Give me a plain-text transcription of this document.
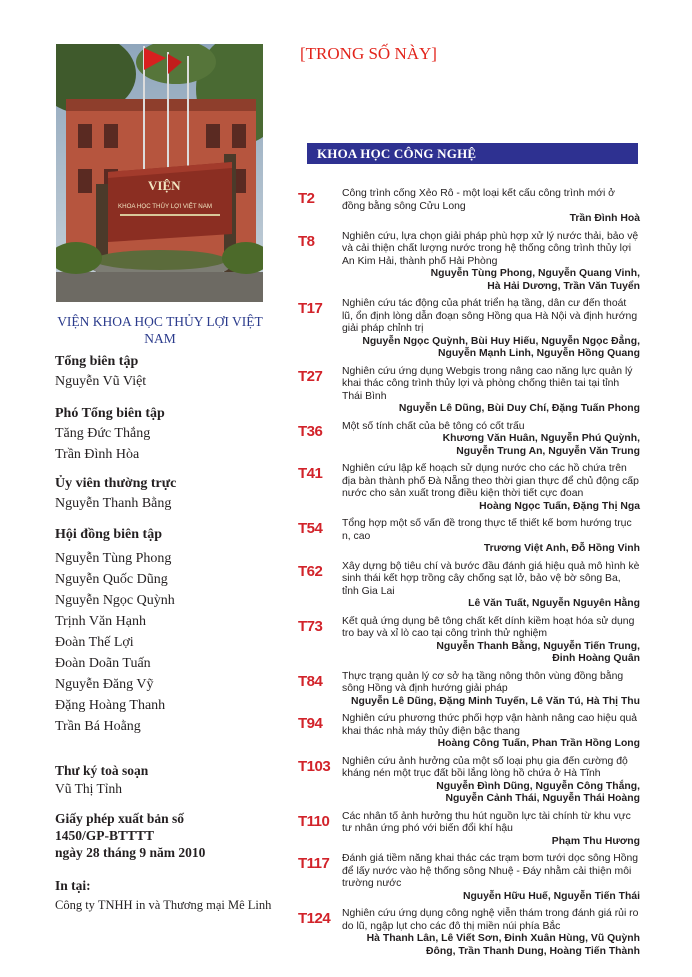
VIỆN
KHOA HỌC THỦY LỢI VIỆT NAM
VIỆN KHOA HỌC THỦY LỢI VIỆT NAM
Tổng biên tập
Nguyễn Vũ Việt
Phó Tổng biên tập
Tăng Đức Thắng
Trần Đình Hòa
Ủy viên thường trực
Nguyễn Thanh Bằng
Hội đồng biên tập
Nguyễn Tùng Phong
Nguyễn Quốc Dũng
Nguyễn Ngọc Quỳnh
Trịnh Văn Hạnh
Đoàn Thế Lợi
Đoàn Doãn Tuấn
Nguyễn Đăng Vỹ
Đặng Hoàng Thanh
Trần Bá Hoằng
Thư ký toà soạn
Vũ Thị Tỉnh
Giấy phép xuất bản số
1450/GP-BTTTT
ngày 28 tháng 9 năm 2010
In tại:
Công ty TNHH in và Thương mại Mê Linh
[TRONG SỐ NÀY]
KHOA HỌC CÔNG NGHỆ
T2	Công trình cống Xẻo Rô - một loại kết cấu công trình mới ở đồng bằng sông Cửu Long
Trần Đình Hoà
T8	Nghiên cứu, lựa chọn giải pháp phù hợp xử lý nước thải, bảo vệ và cải thiện chất lượng nước trong hệ thống công trình thủy lợi An Kim Hải, thành phố Hải Phòng
Nguyễn Tùng Phong, Nguyễn Quang Vinh,
Hà Hải Dương, Trần Văn Tuyển
T17 Nghiên cứu tác động của phát triển hạ tầng, dân cư đến thoát lũ, ổn định lòng dẫn đoạn sông Hồng qua Hà Nội và định hướng giải pháp chỉnh trị
Nguyễn Ngọc Quỳnh, Bùi Huy Hiếu, Nguyễn Ngọc Đẳng,
Nguyễn Mạnh Linh, Nguyễn Hồng Quang
T27 Nghiên cứu ứng dụng Webgis trong nâng cao năng lực quản lý khai thác công trình thủy lợi và phòng chống thiên tai tại tỉnh Thái Bình
Nguyễn Lê Dũng, Bùi Duy Chí, Đặng Tuấn Phong
T36 Một số tính chất của bê tông có cốt trấu
Khương Văn Huân, Nguyễn Phú Quỳnh,
Nguyễn Trung An, Nguyễn Văn Trung
T41 Nghiên cứu lập kế hoạch sử dụng nước cho các hồ chứa trên địa bàn thành phố Đà Nẵng theo thời gian thực để chủ động cấp nước cho sản xuất trong điều kiện thời tiết cực đoan
Hoàng Ngọc Tuấn, Đặng Thị Nga
T54 Tổng hợp một số vấn đề trong thực tế thiết kế bơm hướng trục n, cao
Trương Việt Anh, Đỗ Hồng Vinh
T62 Xây dựng bộ tiêu chí và bước đầu đánh giá hiệu quả mô hình kè sinh thái kết hợp trồng cây chống sạt lở, bảo vệ bờ sông Ba, tỉnh Gia Lai
Lê Văn Tuất, Nguyễn Nguyên Hằng
T73 Kết quả ứng dụng bê tông chất kết dính kiềm hoạt hóa sử dụng tro bay và xỉ lò cao tại công trình thử nghiệm
Nguyễn Thanh Bằng, Nguyễn Tiến Trung,
Đinh Hoàng Quân
T84 Thực trạng quản lý cơ sở hạ tầng nông thôn vùng đồng bằng sông Hồng và định hướng giải pháp
Nguyễn Lê Dũng, Đặng Minh Tuyến, Lê Văn Tú, Hà Thị Thu
T94 Nghiên cứu phương thức phối hợp vận hành nâng cao hiệu quả khai thác nhà máy thủy điện bậc thang
Hoàng Công Tuấn, Phan Trần Hồng Long
T103 Nghiên cứu ảnh hưởng của một số loại phụ gia đến cường độ kháng nén một trục đất bồi lắng lòng hồ chứa ở Hà Tĩnh
Nguyễn Đình Dũng, Nguyễn Công Thắng,
Nguyễn Cảnh Thái, Nguyễn Thái Hoàng
T110 Các nhân tố ảnh hưởng thu hút nguồn lực tài chính từ khu vực tư nhân ứng phó với biến đổi khí hậu
Phạm Thu Hương
T117 Đánh giá tiềm năng khai thác các trạm bơm tưới dọc sông Hồng để lấy nước vào hệ thống sông Nhuệ - Đáy nhằm cải thiện môi trường nước
Nguyễn Hữu Huế, Nguyễn Tiến Thái
T124 Nghiên cứu ứng dụng công nghệ viễn thám trong đánh giá rủi ro do lũ, ngập lụt cho các đô thị miền núi phía Bắc
Hà Thanh Lân, Lê Viết Sơn, Đinh Xuân Hùng, Vũ Quỳnh
Đông, Trần Thanh Dung, Hoàng Tiến Thành
